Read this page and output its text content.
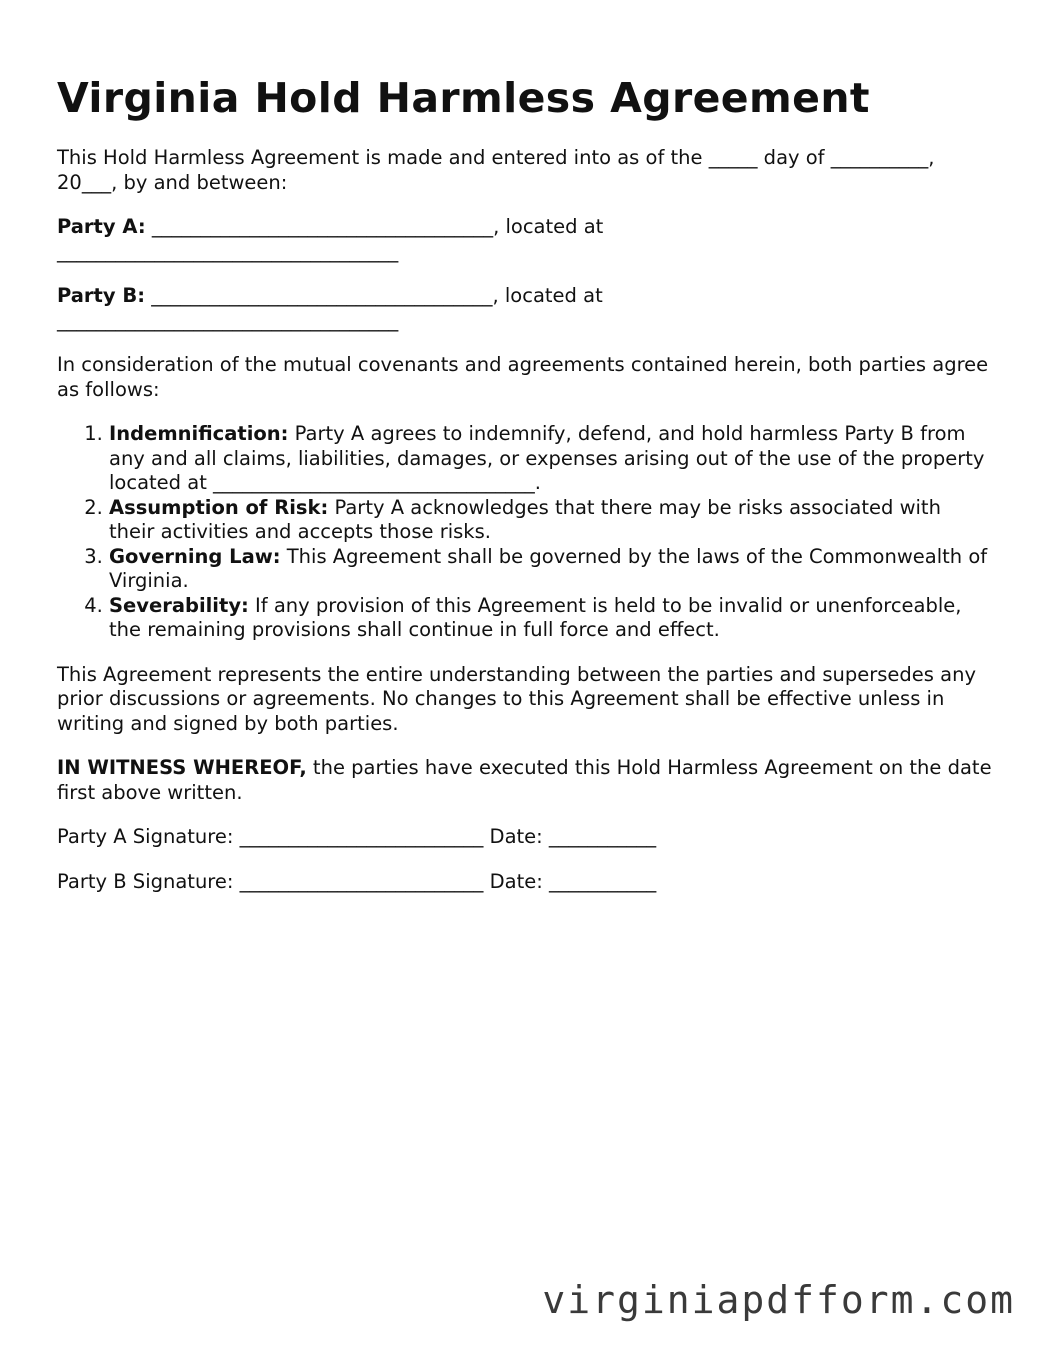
Virginia Hold Harmless Agreement

This Hold Harmless Agreement is made and entered into as of the _____ day of __________,
20___, by and between:

Party A: ___________________________________, located at
___________________________________

Party B: ___________________________________, located at
___________________________________

In consideration of the mutual covenants and agreements contained herein, both parties agree as follows:

1. Indemnification: Party A agrees to indemnify, defend, and hold harmless Party B from any and all claims, liabilities, damages, or expenses arising out of the use of the property located at _________________________________.
2. Assumption of Risk: Party A acknowledges that there may be risks associated with their activities and accepts those risks.
3. Governing Law: This Agreement shall be governed by the laws of the Commonwealth of Virginia.
4. Severability: If any provision of this Agreement is held to be invalid or unenforceable, the remaining provisions shall continue in full force and effect.

This Agreement represents the entire understanding between the parties and supersedes any prior discussions or agreements. No changes to this Agreement shall be effective unless in writing and signed by both parties.

IN WITNESS WHEREOF, the parties have executed this Hold Harmless Agreement on the date first above written.

Party A Signature: _________________________ Date: ___________

Party B Signature: _________________________ Date: ___________

virginiapdfform.com
